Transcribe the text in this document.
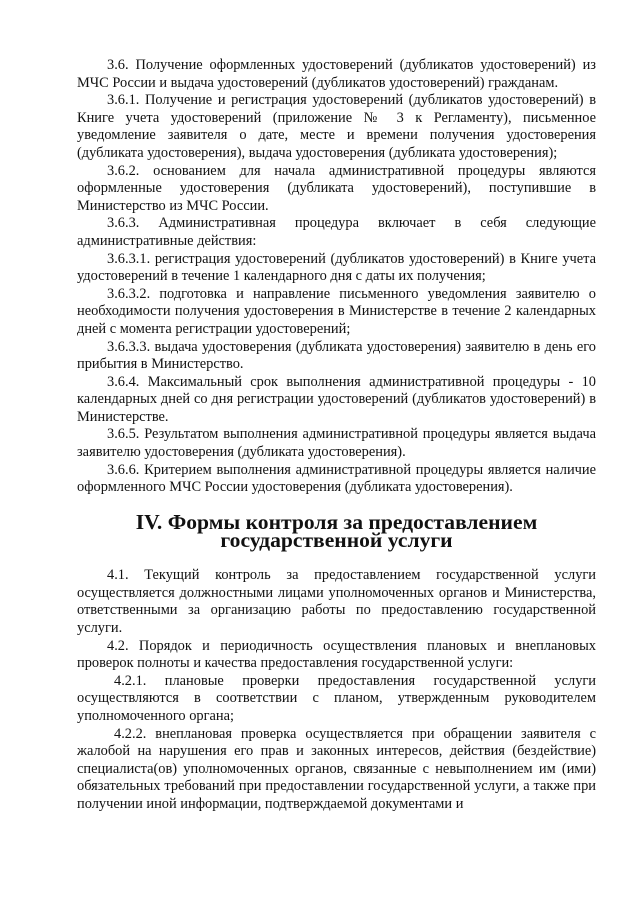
3.6. Получение оформленных удостоверений (дубликатов удостоверений) из МЧС России и выдача удостоверений (дубликатов удостоверений) гражданам.

3.6.1. Получение и регистрация удостоверений (дубликатов удостоверений) в Книге учета удостоверений (приложение № 3 к Регламенту), письменное уведомление заявителя о дате, месте и времени получения удостоверения (дубликата удостоверения), выдача удостоверения (дубликата удостоверения);

3.6.2. основанием для начала административной процедуры являются оформленные удостоверения (дубликата удостоверений), поступившие в Министерство из МЧС России.

3.6.3. Административная процедура включает в себя следующие административные действия:

3.6.3.1. регистрация удостоверений (дубликатов удостоверений) в Книге учета удостоверений в течение 1 календарного дня с даты их получения;

3.6.3.2. подготовка и направление письменного уведомления заявителю о необходимости получения удостоверения в Министерстве в течение 2 календарных дней с момента регистрации удостоверений;

3.6.3.3. выдача удостоверения (дубликата удостоверения) заявителю в день его прибытия в Министерство.

3.6.4. Максимальный срок выполнения административной процедуры - 10 календарных дней со дня регистрации удостоверений (дубликатов удостоверений) в Министерстве.

3.6.5. Результатом выполнения административной процедуры является выдача заявителю удостоверения (дубликата удостоверения).

3.6.6. Критерием выполнения административной процедуры является наличие оформленного МЧС России удостоверения (дубликата удостоверения).

IV. Формы контроля за предоставлением
государственной услуги

4.1. Текущий контроль за предоставлением государственной услуги осуществляется должностными лицами уполномоченных органов и Министерства, ответственными за организацию работы по предоставлению государственной услуги.

4.2. Порядок и периодичность осуществления плановых и внеплановых проверок полноты и качества предоставления государственной услуги:

4.2.1. плановые проверки предоставления государственной услуги осуществляются в соответствии с планом, утвержденным руководителем уполномоченного органа;

4.2.2. внеплановая проверка осуществляется при обращении заявителя с жалобой на нарушения его прав и законных интересов, действия (бездействие) специалиста(ов) уполномоченных органов, связанные с невыполнением им (ими) обязательных требований при предоставлении государственной услуги, а также при получении иной информации, подтверждаемой документами и
